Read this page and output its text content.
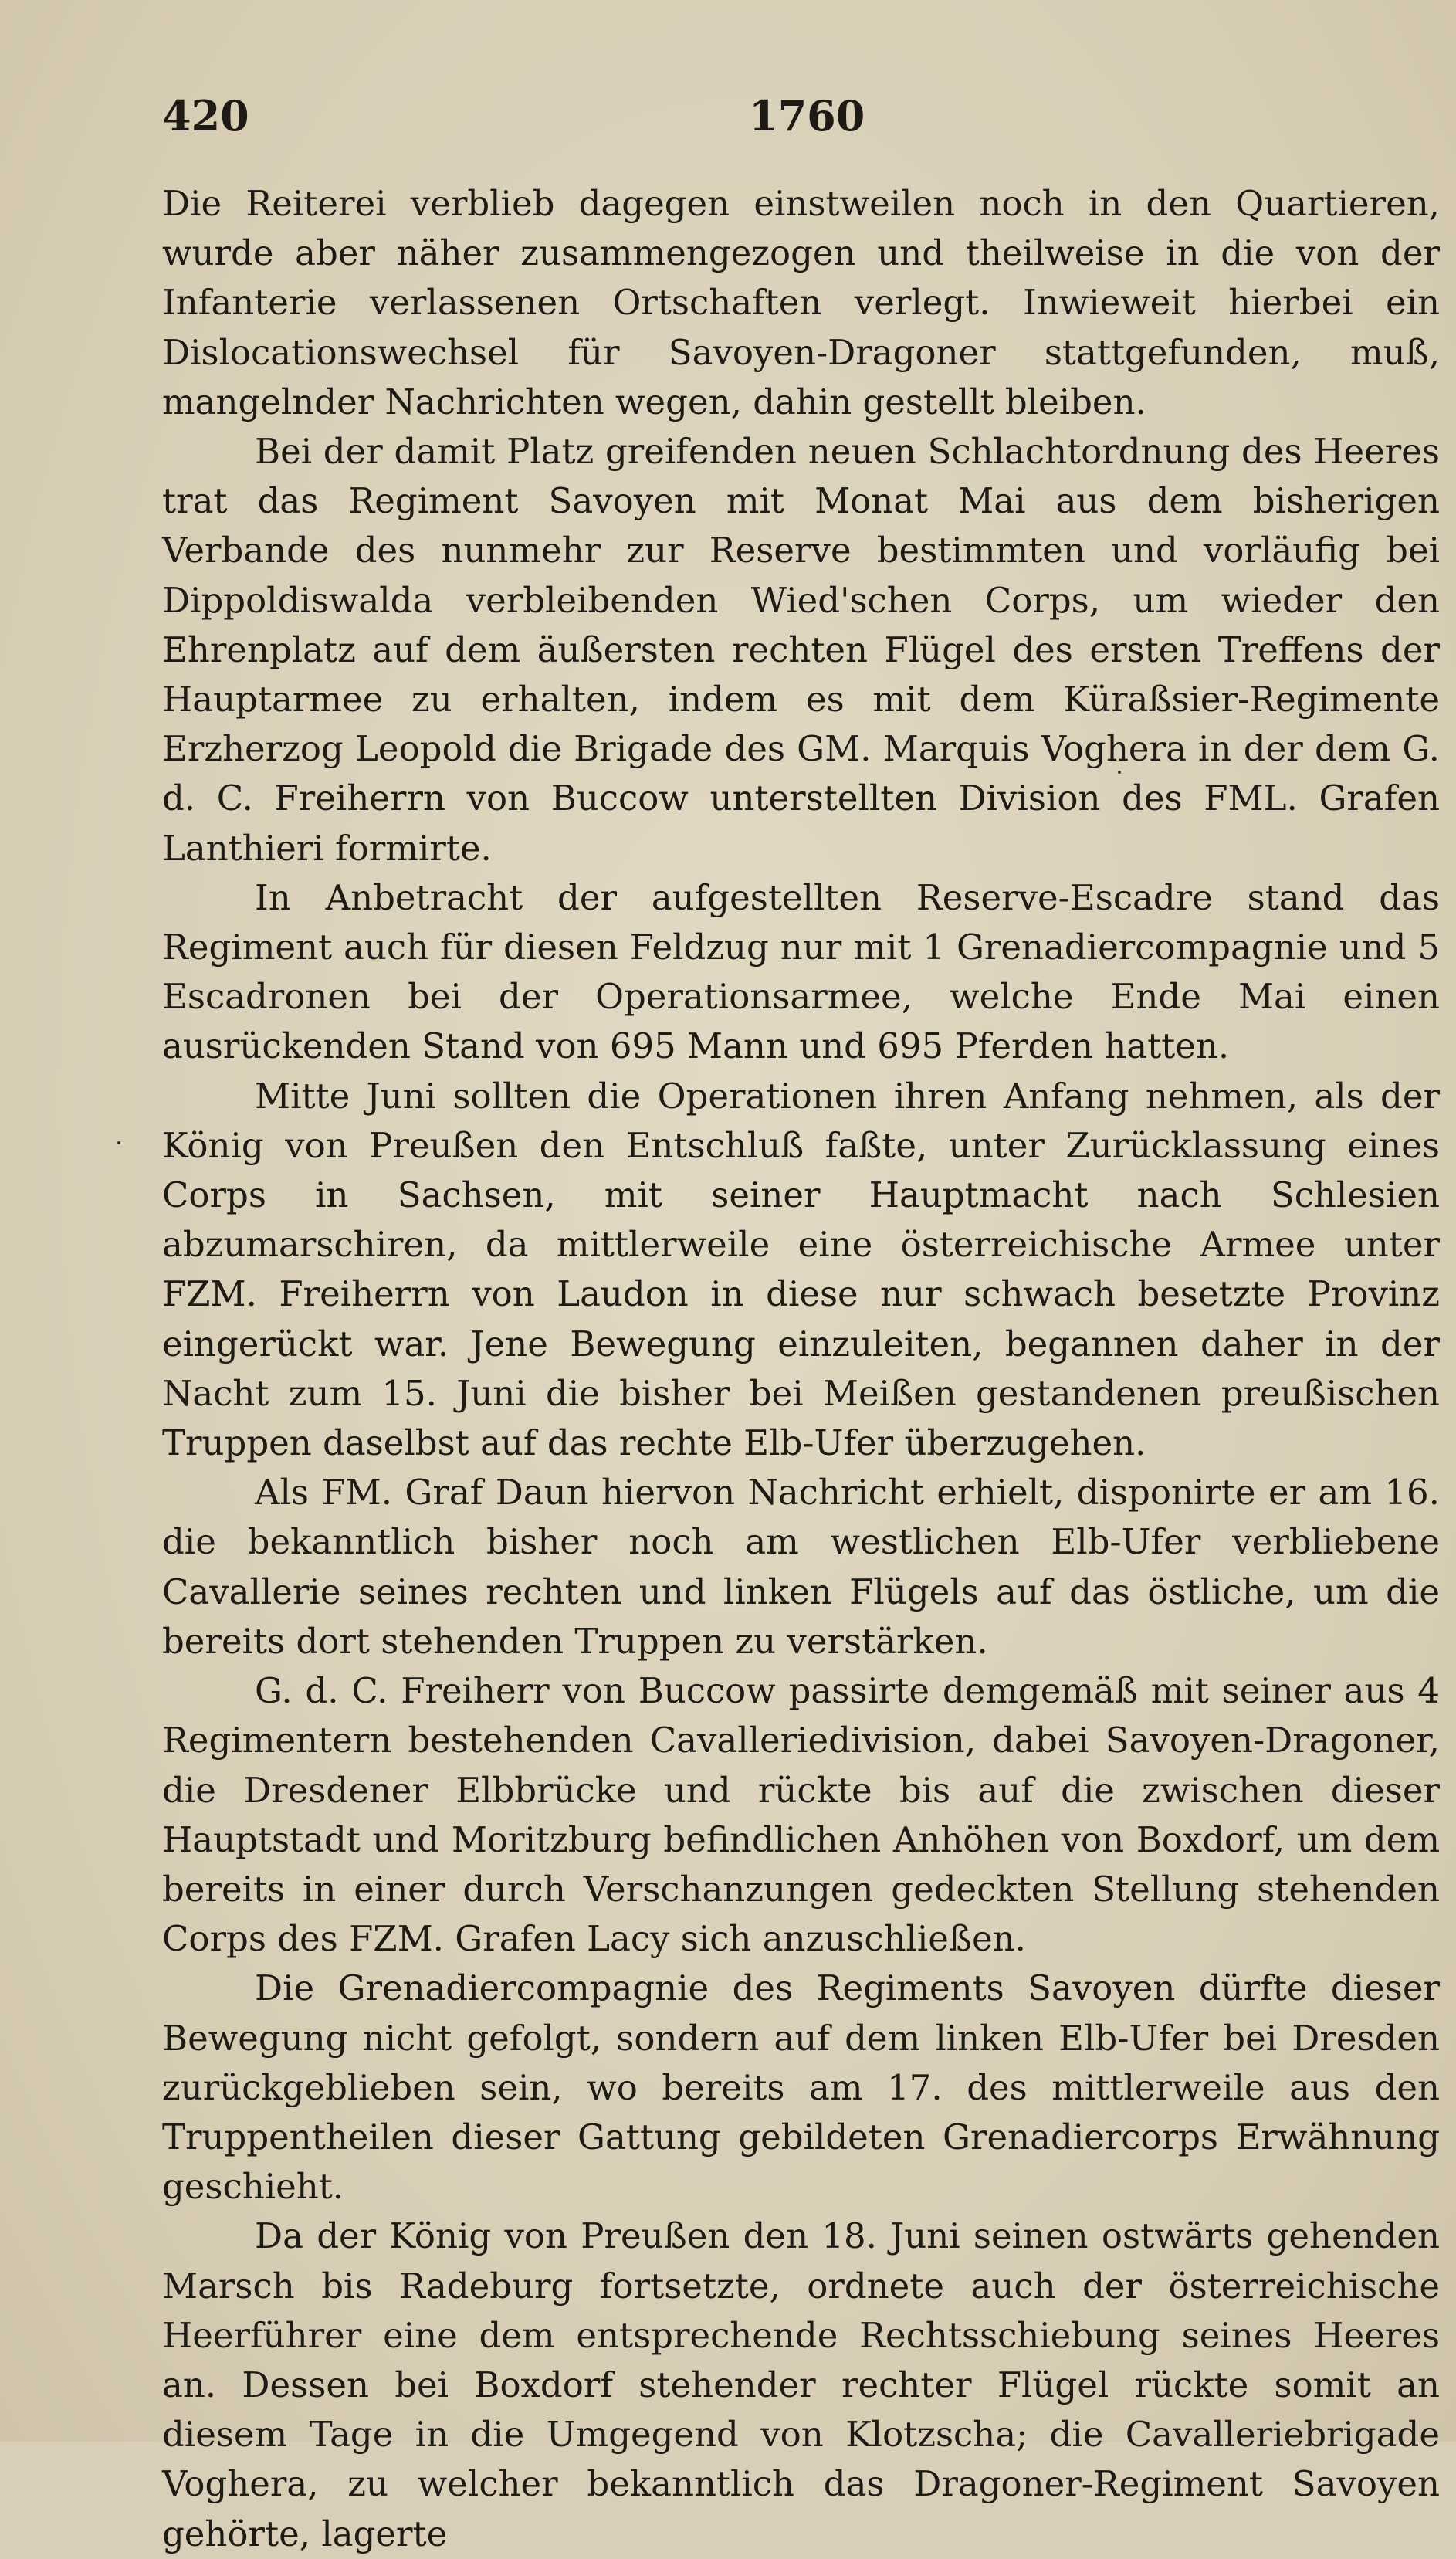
420	1760

Die Reiterei verblieb dagegen einstweilen noch in den Quartieren, wurde aber näher zusammengezogen und theilweise in die von der Infanterie verlassenen Ortschaften verlegt. Inwieweit hierbei ein Dislocationswechsel für Savoyen-Dragoner stattgefunden, muß, mangelnder Nachrichten wegen, dahin gestellt bleiben.

Bei der damit Platz greifenden neuen Schlachtordnung des Heeres trat das Regiment Savoyen mit Monat Mai aus dem bisherigen Verbande des nunmehr zur Reserve bestimmten und vorläufig bei Dippoldiswalda verbleibenden Wied'schen Corps, um wieder den Ehrenplatz auf dem äußersten rechten Flügel des ersten Treffens der Hauptarmee zu erhalten, indem es mit dem Küraßsier-Regimente Erzherzog Leopold die Brigade des GM. Marquis Voghera in der dem G. d. C. Freiherrn von Buccow unterstellten Division des FML. Grafen Lanthieri formirte.

In Anbetracht der aufgestellten Reserve-Escadre stand das Regiment auch für diesen Feldzug nur mit 1 Grenadiercompagnie und 5 Escadronen bei der Operationsarmee, welche Ende Mai einen ausrückenden Stand von 695 Mann und 695 Pferden hatten.

Mitte Juni sollten die Operationen ihren Anfang nehmen, als der König von Preußen den Entschluß faßte, unter Zurücklassung eines Corps in Sachsen, mit seiner Hauptmacht nach Schlesien abzumarschiren, da mittlerweile eine österreichische Armee unter FZM. Freiherrn von Laudon in diese nur schwach besetzte Provinz eingerückt war. Jene Bewegung einzuleiten, begannen daher in der Nacht zum 15. Juni die bisher bei Meißen gestandenen preußischen Truppen daselbst auf das rechte Elb-Ufer überzugehen.

Als FM. Graf Daun hiervon Nachricht erhielt, disponirte er am 16. die bekanntlich bisher noch am westlichen Elb-Ufer verbliebene Cavallerie seines rechten und linken Flügels auf das östliche, um die bereits dort stehenden Truppen zu verstärken.

G. d. C. Freiherr von Buccow passirte demgemäß mit seiner aus 4 Regimentern bestehenden Cavalleriedivision, dabei Savoyen-Dragoner, die Dresdener Elbbrücke und rückte bis auf die zwischen dieser Hauptstadt und Moritzburg befindlichen Anhöhen von Boxdorf, um dem bereits in einer durch Verschanzungen gedeckten Stellung stehenden Corps des FZM. Grafen Lacy sich anzuschließen.

Die Grenadiercompagnie des Regiments Savoyen dürfte dieser Bewegung nicht gefolgt, sondern auf dem linken Elb-Ufer bei Dresden zurückgeblieben sein, wo bereits am 17. des mittlerweile aus den Truppentheilen dieser Gattung gebildeten Grenadiercorps Erwähnung geschieht.

Da der König von Preußen den 18. Juni seinen ostwärts gehenden Marsch bis Radeburg fortsetzte, ordnete auch der österreichische Heerführer eine dem entsprechende Rechtsschiebung seines Heeres an. Dessen bei Boxdorf stehender rechter Flügel rückte somit an diesem Tage in die Umgegend von Klotzscha; die Cavalleriebrigade Voghera, zu welcher bekanntlich das Dragoner-Regiment Savoyen gehörte, lagerte
